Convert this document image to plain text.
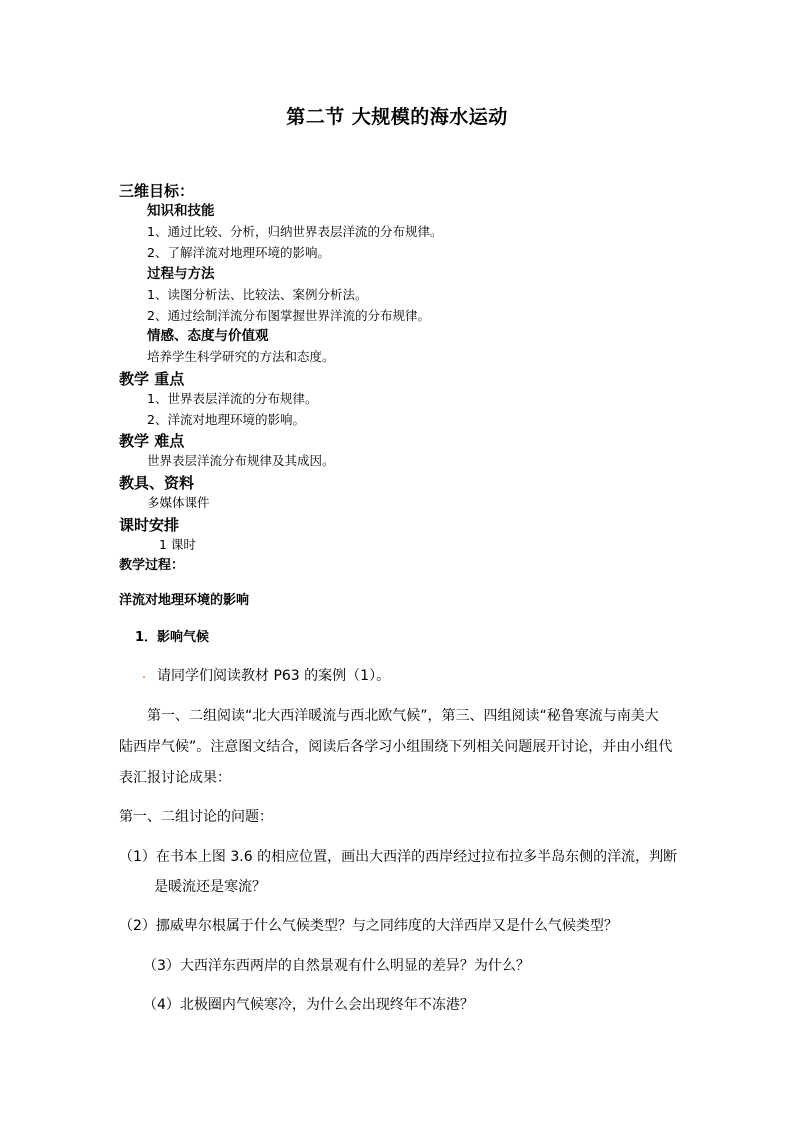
第二节 大规模的海水运动
三维目标：
知识和技能
1、通过比较、分析，归纳世界表层洋流的分布规律。
2、了解洋流对地理环境的影响。
过程与方法
1、读图分析法、比较法、案例分析法。
2、通过绘制洋流分布图掌握世界洋流的分布规律。
情感、态度与价值观
培养学生科学研究的方法和态度。
教学 重点
1、世界表层洋流的分布规律。
2、洋流对地理环境的影响。
教学 难点
世界表层洋流分布规律及其成因。
教具、资料
多媒体课件
课时安排
1 课时
教学过程：
洋流对地理环境的影响
1．影响气候
请同学们阅读教材 P63 的案例（1）。
第一、二组阅读“北大西洋暖流与西北欧气候”，第三、四组阅读“秘鲁寒流与南美大
陆西岸气候”。注意图文结合，阅读后各学习小组围绕下列相关问题展开讨论，并由小组代
表汇报讨论成果：
第一、二组讨论的问题：
（1）在书本上图 3.6 的相应位置，画出大西洋的西岸经过拉布拉多半岛东侧的洋流，判断
是暖流还是寒流？
（2）挪威卑尔根属于什么气候类型？与之同纬度的大洋西岸又是什么气候类型？
（3）大西洋东西两岸的自然景观有什么明显的差异？为什么？
（4）北极圈内气候寒冷，为什么会出现终年不冻港？
